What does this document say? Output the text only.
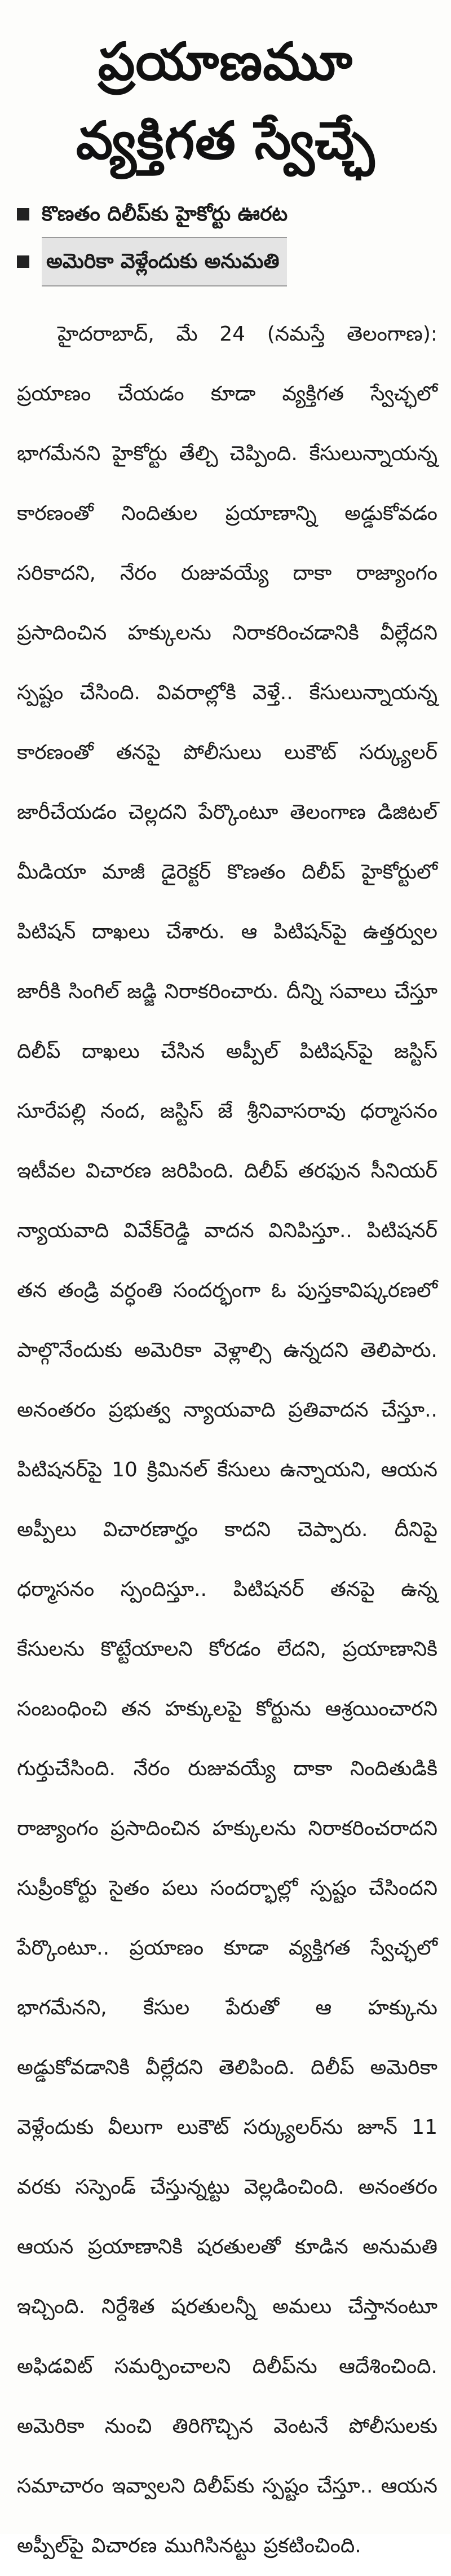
ప్రయాణమూ
వ్యక్తిగత స్వేచ్ఛే
కొణతం దిలీప్‌కు హైకోర్టు ఊరట
అమెరికా వెళ్లేందుకు అనుమతి

హైదరాబాద్, మే 24 (నమస్తే తెలంగాణ): ప్రయాణం చేయడం కూడా వ్యక్తిగత స్వేచ్ఛలో భాగమేనని హైకోర్టు తేల్చి చెప్పింది. కేసులున్నాయన్న కారణంతో నిందితుల ప్రయాణాన్ని అడ్డుకోవడం సరికాదని, నేరం రుజువయ్యే దాకా రాజ్యాంగం ప్రసాదించిన హక్కులను నిరాకరించడానికి వీల్లేదని స్పష్టం చేసింది. వివరాల్లోకి వెళ్తే.. కేసులున్నాయన్న కారణంతో తనపై పోలీసులు లుకౌట్ సర్క్యులర్ జారీచేయడం చెల్లదని పేర్కొంటూ తెలంగాణ డిజిటల్ మీడియా మాజీ డైరెక్టర్ కొణతం దిలీప్ హైకోర్టులో పిటిషన్ దాఖలు చేశారు. ఆ పిటిషన్‌పై ఉత్తర్వుల జారీకి సింగిల్ జడ్జి నిరాకరించారు. దీన్ని సవాలు చేస్తూ దిలీప్ దాఖలు చేసిన అప్పీల్ పిటిషన్‌పై జస్టిస్ సూరేపల్లి నంద, జస్టిస్ జే శ్రీనివాసరావు ధర్మాసనం ఇటీవల విచారణ జరిపింది. దిలీప్ తరఫున సీనియర్ న్యాయవాది వివేక్‌రెడ్డి వాదన వినిపిస్తూ.. పిటిషనర్ తన తండ్రి వర్ధంతి సందర్భంగా ఓ పుస్తకావిష్కరణలో పాల్గొనేందుకు అమెరికా వెళ్లాల్సి ఉన్నదని తెలిపారు. అనంతరం ప్రభుత్వ న్యాయవాది ప్రతివాదన చేస్తూ.. పిటిషనర్‌పై 10 క్రిమినల్ కేసులు ఉన్నాయని, ఆయన అప్పీలు విచారణార్హం కాదని చెప్పారు. దీనిపై ధర్మాసనం స్పందిస్తూ.. పిటిషనర్ తనపై ఉన్న కేసులను కొట్టేయాలని కోరడం లేదని, ప్రయాణానికి సంబంధించి తన హక్కులపై కోర్టును ఆశ్రయించారని గుర్తుచేసింది. నేరం రుజువయ్యే దాకా నిందితుడికి రాజ్యాంగం ప్రసాదించిన హక్కులను నిరాకరించరాదని సుప్రీంకోర్టు సైతం పలు సందర్భాల్లో స్పష్టం చేసిందని పేర్కొంటూ.. ప్రయాణం కూడా వ్యక్తిగత స్వేచ్ఛలో భాగమేనని, కేసుల పేరుతో ఆ హక్కును అడ్డుకోవడానికి వీల్లేదని తెలిపింది. దిలీప్ అమెరికా వెళ్లేందుకు వీలుగా లుకౌట్ సర్క్యులర్‌ను జూన్ 11 వరకు సస్పెండ్ చేస్తున్నట్టు వెల్లడించింది. అనంతరం ఆయన ప్రయాణానికి షరతులతో కూడిన అనుమతి ఇచ్చింది. నిర్దేశిత షరతులన్నీ అమలు చేస్తానంటూ అఫిడవిట్ సమర్పించాలని దిలీప్‌ను ఆదేశించింది. అమెరికా నుంచి తిరిగొచ్చిన వెంటనే పోలీసులకు సమాచారం ఇవ్వాలని దిలీప్‌కు స్పష్టం చేస్తూ.. ఆయన అప్పీల్‌పై విచారణ ముగిసినట్టు ప్రకటించింది.
